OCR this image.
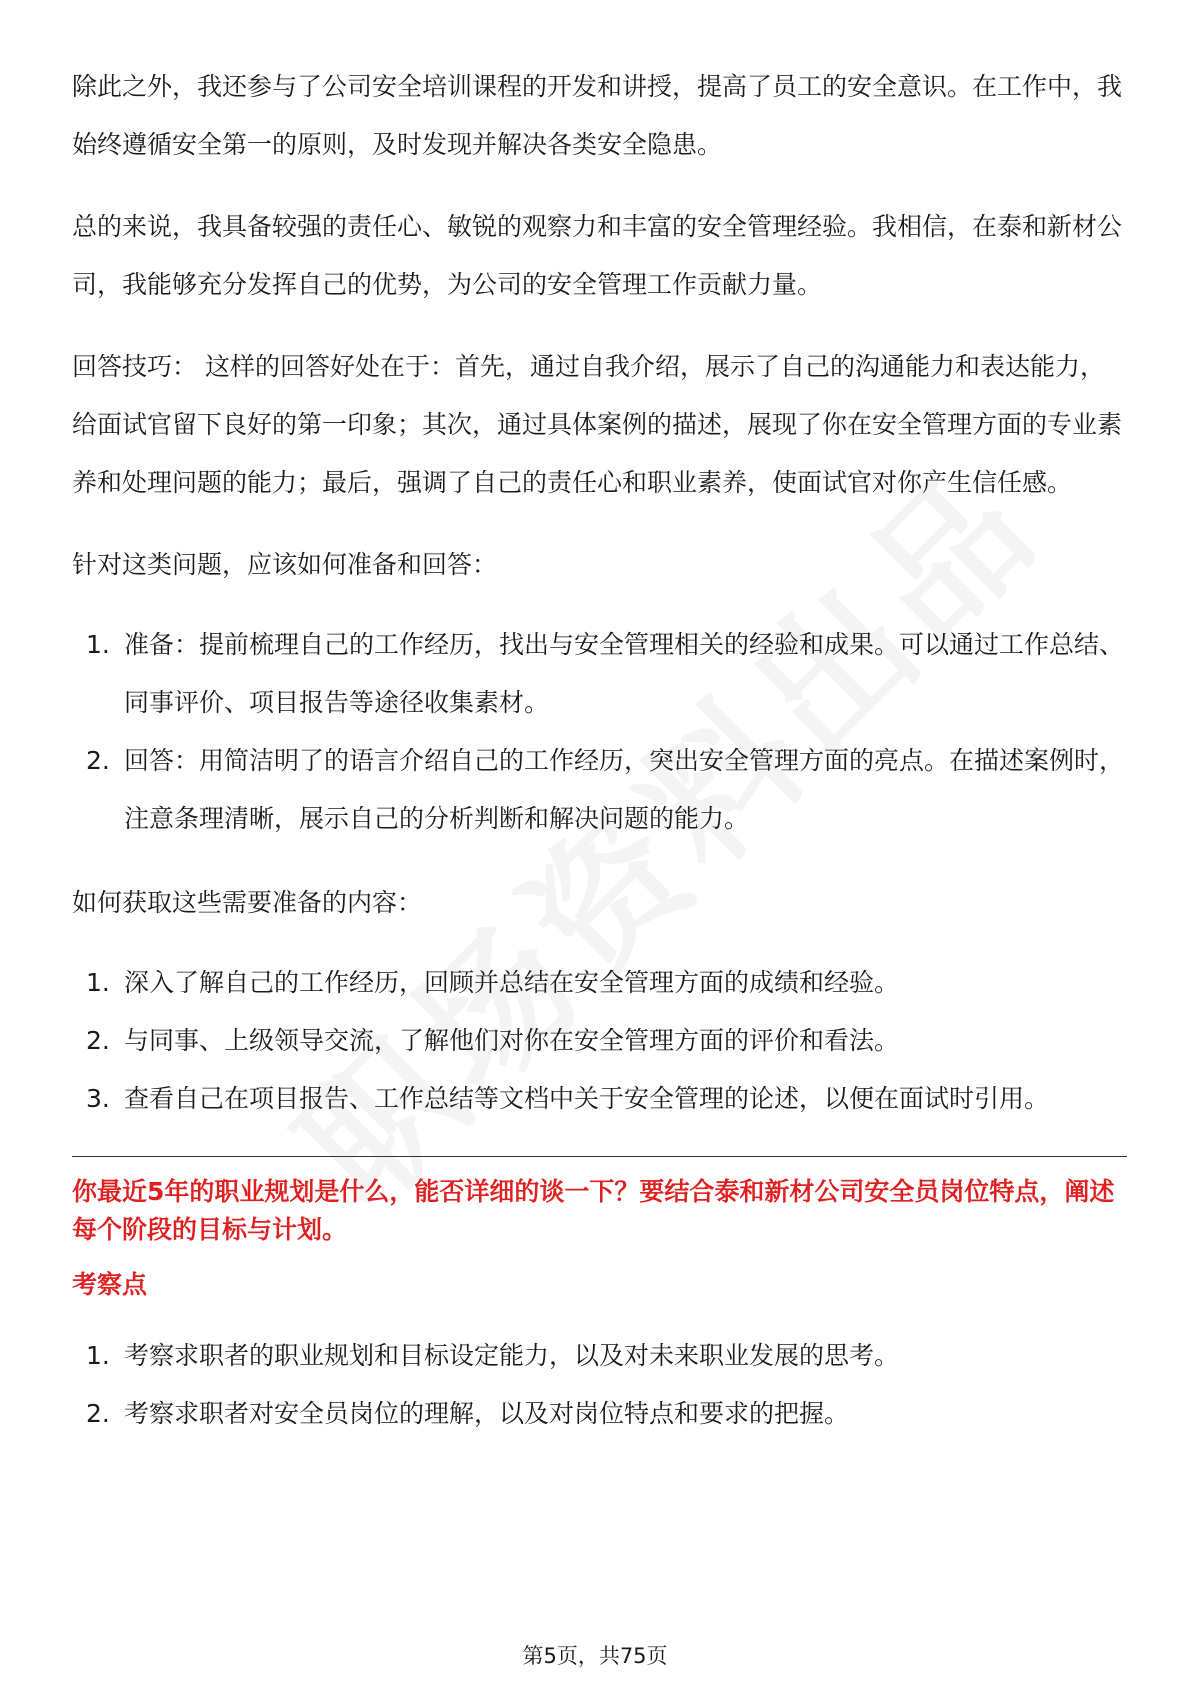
除此之外，我还参与了公司安全培训课程的开发和讲授，提高了员工的安全意识。在工作中，我始终遵循安全第一的原则，及时发现并解决各类安全隐患。

总的来说，我具备较强的责任心、敏锐的观察力和丰富的安全管理经验。我相信，在泰和新材公司，我能够充分发挥自己的优势，为公司的安全管理工作贡献力量。

回答技巧： 这样的回答好处在于：首先，通过自我介绍，展示了自己的沟通能力和表达能力，给面试官留下良好的第一印象；其次，通过具体案例的描述，展现了你在安全管理方面的专业素养和处理问题的能力；最后，强调了自己的责任心和职业素养，使面试官对你产生信任感。

针对这类问题，应该如何准备和回答：

1. 准备：提前梳理自己的工作经历，找出与安全管理相关的经验和成果。可以通过工作总结、同事评价、项目报告等途径收集素材。
2. 回答：用简洁明了的语言介绍自己的工作经历，突出安全管理方面的亮点。在描述案例时，注意条理清晰，展示自己的分析判断和解决问题的能力。

如何获取这些需要准备的内容：

1. 深入了解自己的工作经历，回顾并总结在安全管理方面的成绩和经验。
2. 与同事、上级领导交流，了解他们对你在安全管理方面的评价和看法。
3. 查看自己在项目报告、工作总结等文档中关于安全管理的论述，以便在面试时引用。

你最近5年的职业规划是什么，能否详细的谈一下？要结合泰和新材公司安全员岗位特点，阐述每个阶段的目标与计划。

考察点

1. 考察求职者的职业规划和目标设定能力，以及对未来职业发展的思考。
2. 考察求职者对安全员岗位的理解，以及对岗位特点和要求的把握。
第5页，共75页
